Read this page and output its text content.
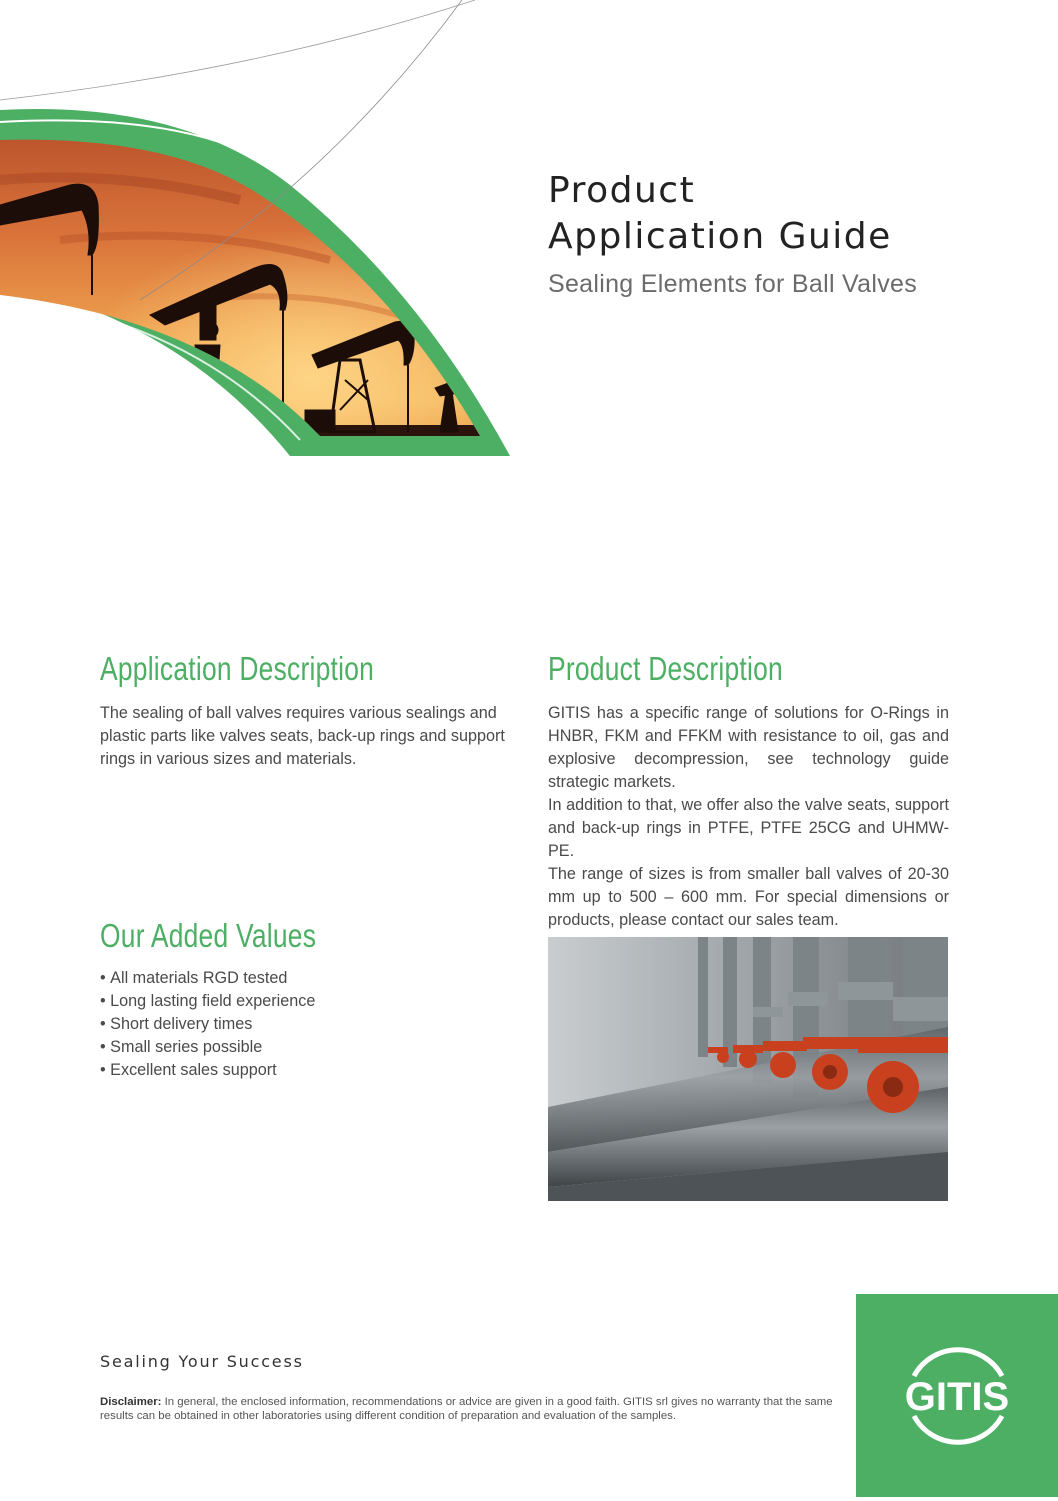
Product
Application Guide
Sealing Elements for Ball Valves
Application Description

The sealing of ball valves requires various sealings and plastic parts like valves seats, back-up rings and support rings in various sizes and materials.

Product Description
GITIS has a specific range of solutions for O-Rings in HNBR, FKM and FFKM with resistance to oil, gas and explosive decompression, see technology guide strategic markets.
In addition to that, we offer also the valve seats, support and back-up rings in PTFE, PTFE 25CG and UHMW-PE.
The range of sizes is from smaller ball valves of 20-30 mm up to 500 – 600 mm. For special dimensions or products, please contact our sales team.
Our Added Values
• All materials RGD tested
• Long lasting field experience
• Short delivery times
• Small series possible
• Excellent sales support
Sealing Your Success
Disclaimer: In general, the enclosed information, recommendations or advice are given in a good faith. GITIS srl gives no warranty that the same results can be obtained in other laboratories using different condition of preparation and evaluation of the samples.	GITIS
